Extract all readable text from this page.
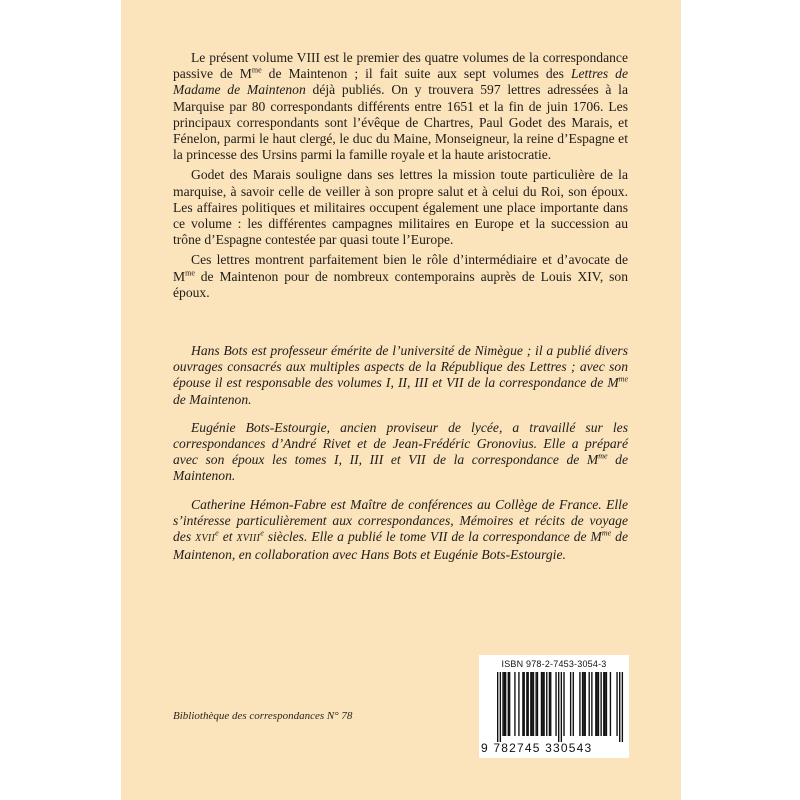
Le présent volume VIII est le premier des quatre volumes de la correspondance passive de $M^{me}$ de Maintenon ; il fait suite aux sept volumes des Lettres de Madame de Maintenon déjà publiés. On y trouvera 597 lettres adressées à la Marquise par 80 correspondants différents entre 1651 et la fin de juin 1706. Les principaux correspondants sont l’évêque de Chartres, Paul Godet des Marais, et Fénelon, parmi le haut clergé, le duc du Maine, Monseigneur, la reine d’Espagne et la princesse des Ursins parmi la famille royale et la haute aristocratie.

Godet des Marais souligne dans ses lettres la mission toute particulière de la marquise, à savoir celle de veiller à son propre salut et à celui du Roi, son époux. Les affaires politiques et militaires occupent également une place importante dans ce volume : les différentes campagnes militaires en Europe et la succession au trône d’Espagne contestée par quasi toute l’Europe.

Ces lettres montrent parfaitement bien le rôle d’intermédiaire et d’avocate de $M^{me}$ de Maintenon pour de nombreux contemporains auprès de Louis XIV, son époux.

Hans Bots est professeur émérite de l’université de Nimègue ; il a publié divers ouvrages consacrés aux multiples aspects de la République des Lettres ; avec son épouse il est responsable des volumes I, II, III et VII de la correspondance de $M^{me}$ de Maintenon.

Eugénie Bots-Estourgie, ancien proviseur de lycée, a travaillé sur les correspondances d’André Rivet et de Jean-Frédéric Gronovius. Elle a préparé avec son époux les tomes I, II, III et VII de la correspondance de $M^{me}$ de Maintenon.

Catherine Hémon-Fabre est Maître de conférences au Collège de France. Elle s’intéresse particulièrement aux correspondances, Mémoires et récits de voyage des XVIIe et XVIIIe siècles. Elle a publié le tome VII de la correspondance de $M^{me}$ de Maintenon, en collaboration avec Hans Bots et Eugénie Bots-Estourgie.

Bibliothèque des correspondances N° 78
ISBN 978-2-7453-3054-3
9 782745 330543
